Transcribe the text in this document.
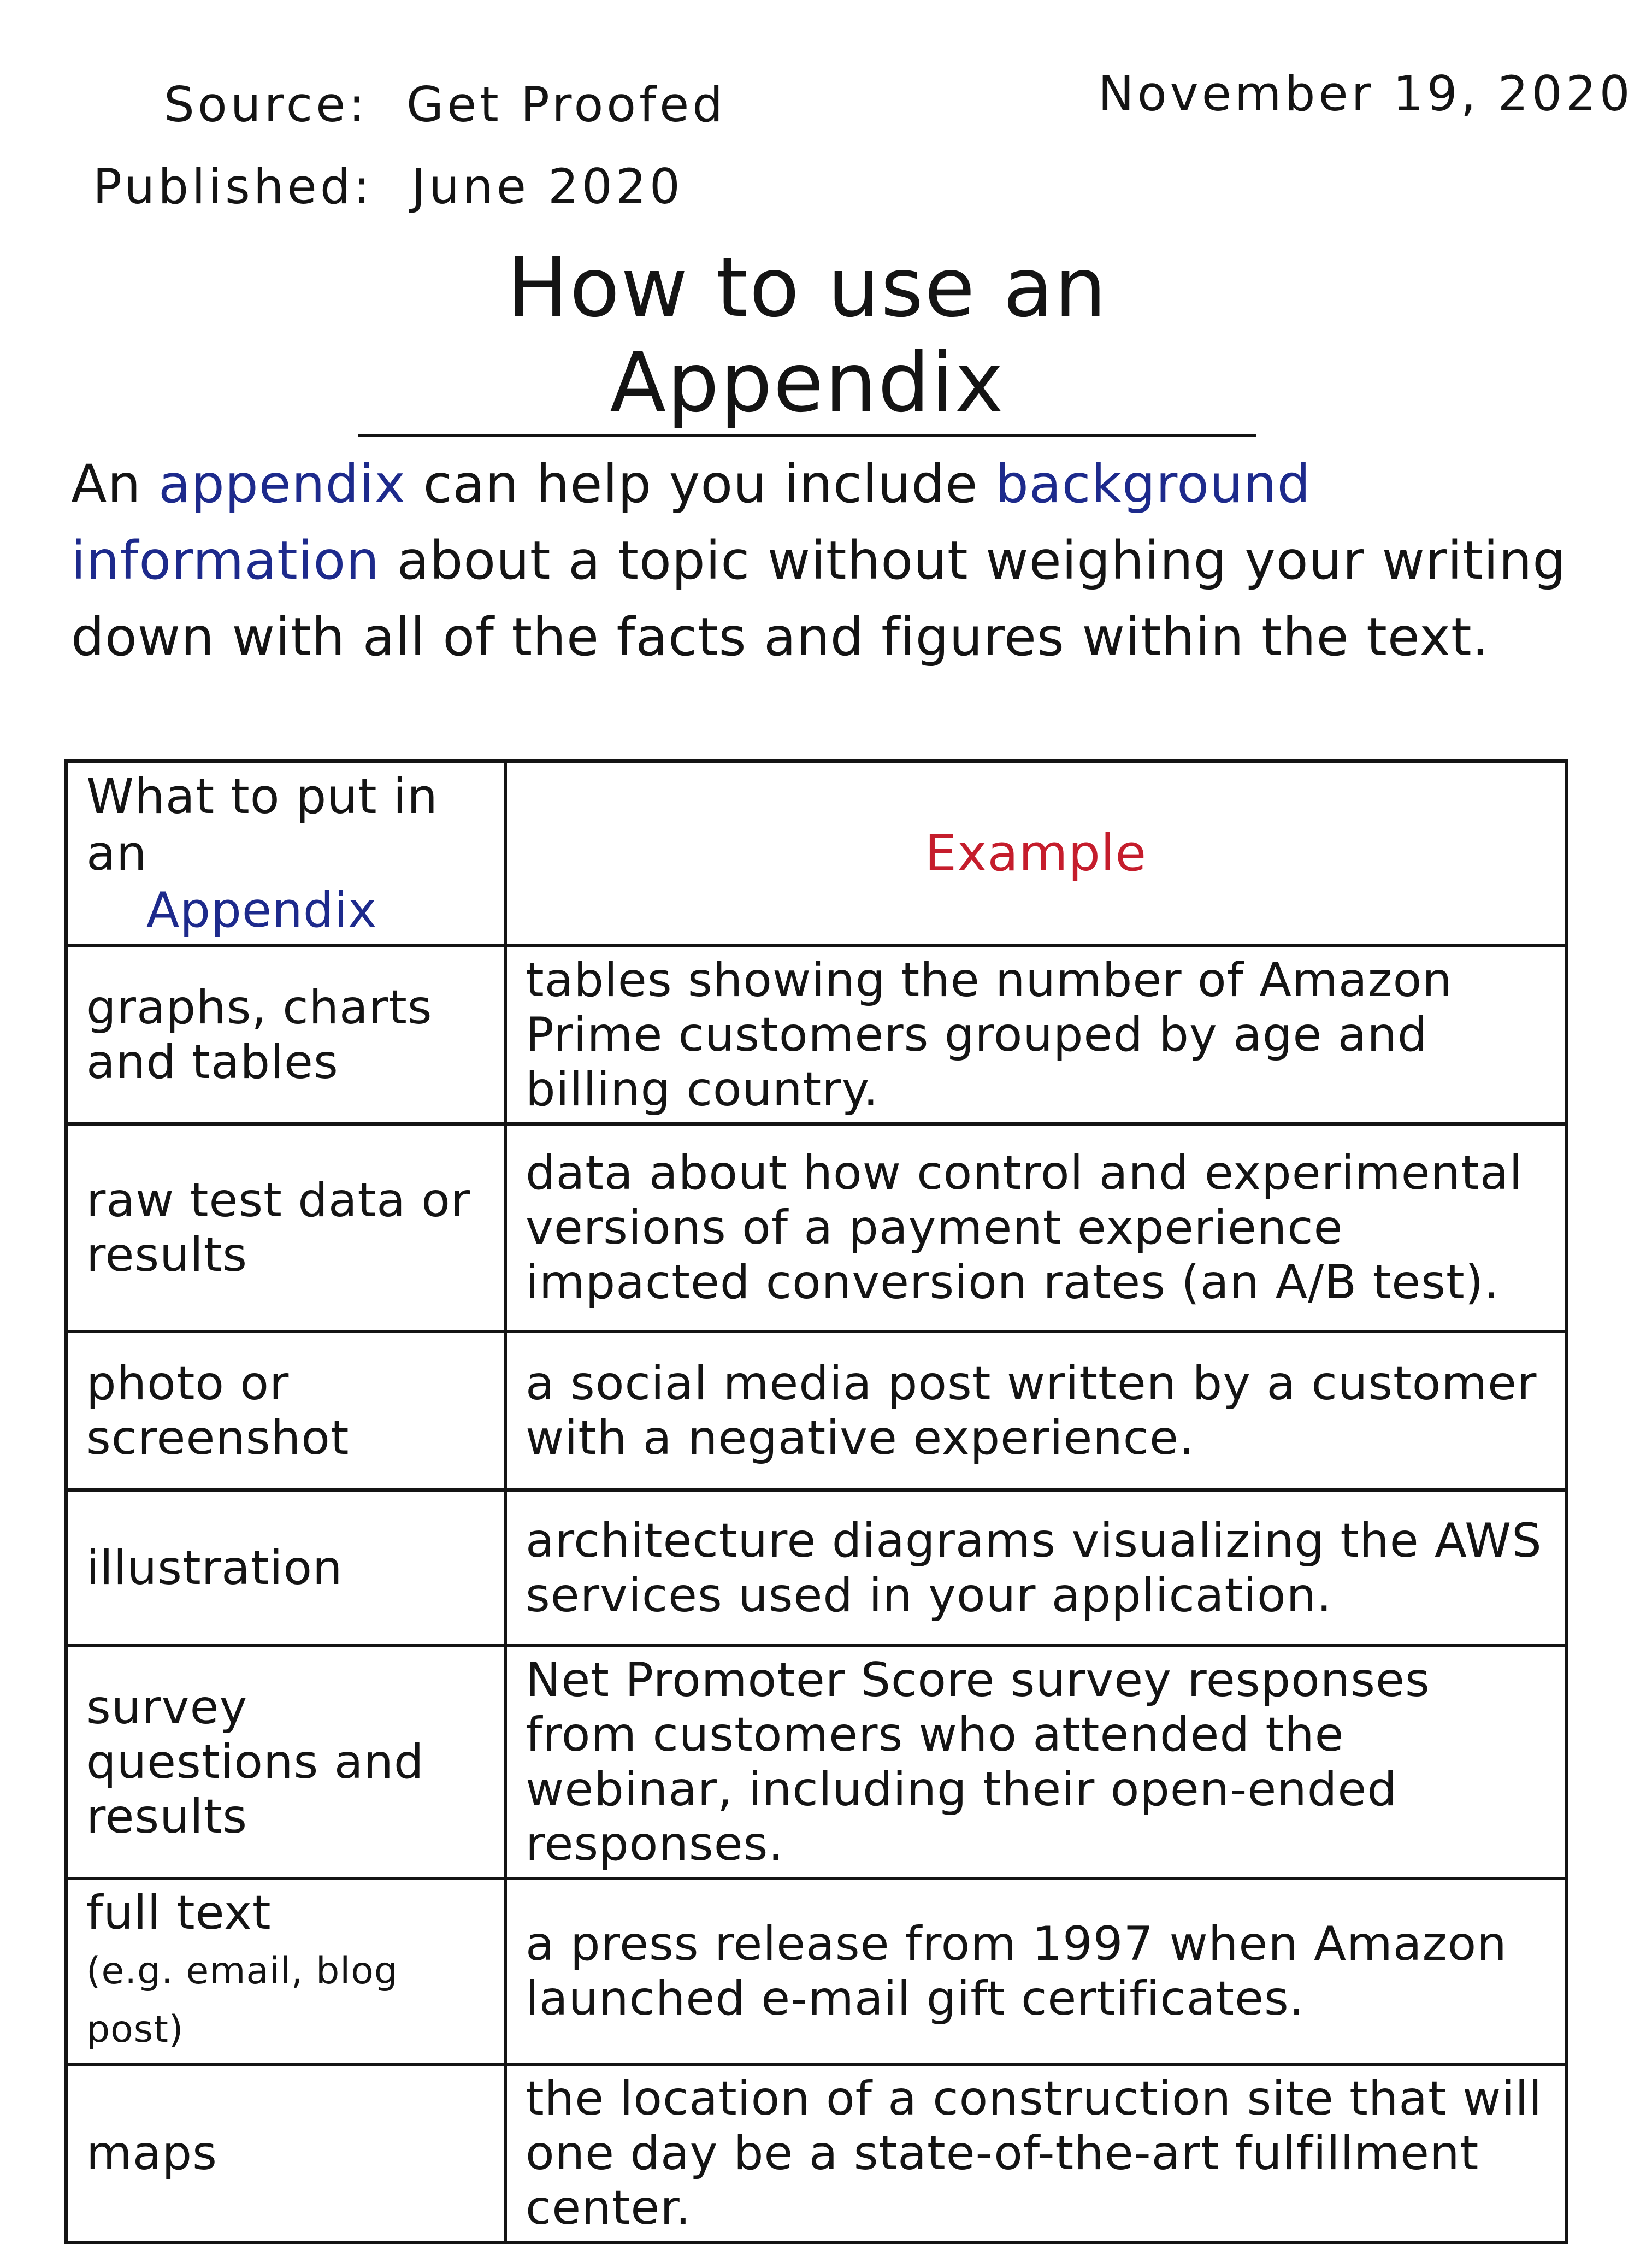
Source: Get Proofed
Published: June 2020
November 19, 2020
How to use an Appendix

An appendix can help you include background information about a topic without weighing your writing down with all of the facts and figures within the text.

What to put in an
Appendix	Example
graphs, charts and tables	tables showing the number of Amazon Prime customers grouped by age and billing country.
raw test data or results	data about how control and experimental versions of a payment experience impacted conversion rates (an A/B test).
photo or screenshot	a social media post written by a customer with a negative experience.
illustration	architecture diagrams visualizing the AWS services used in your application.
survey questions and results	Net Promoter Score survey responses from customers who attended the webinar, including their open-ended responses.
full text
(e.g. email, blog post)	a press release from 1997 when Amazon launched e-mail gift certificates.
maps	the location of a construction site that will one day be a state-of-the-art fulfillment center.
